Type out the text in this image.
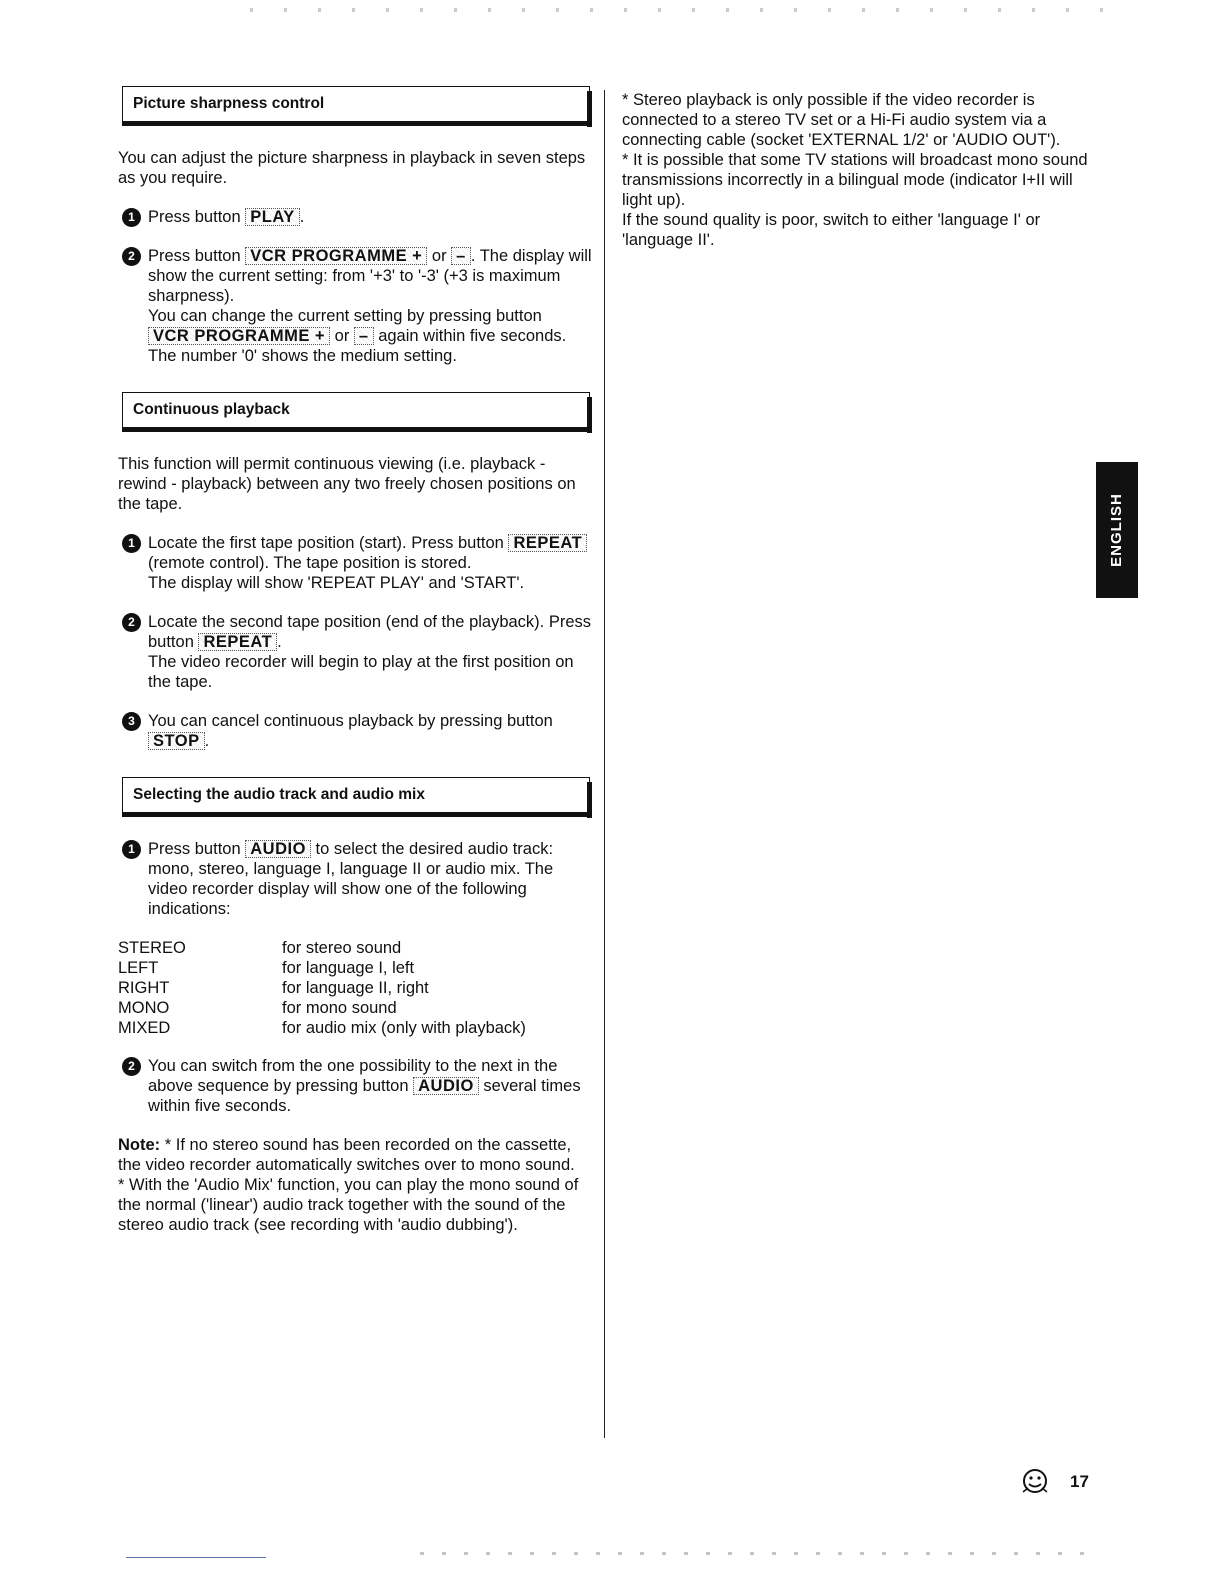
Picture sharpness control

You can adjust the picture sharpness in playback in seven steps as you require.

1 Press button PLAY .
2 Press button VCR PROGRAMME + or – . The display will show the current setting: from '+3' to '-3' (+3 is maximum sharpness).
You can change the current setting by pressing button VCR PROGRAMME + or – again within five seconds.
The number '0' shows the medium setting.
Continuous playback

This function will permit continuous viewing (i.e. playback - rewind - playback) between any two freely chosen positions on the tape.

1 Locate the first tape position (start). Press button REPEAT (remote control). The tape position is stored.
The display will show 'REPEAT PLAY' and 'START'.
2 Locate the second tape position (end of the playback). Press button REPEAT .
The video recorder will begin to play at the first position on the tape.
3 You can cancel continuous playback by pressing button STOP .
Selecting the audio track and audio mix
1 Press button AUDIO to select the desired audio track: mono, stereo, language I, language II or audio mix. The video recorder display will show one of the following indications:
STEREO	for stereo sound
LEFT	for language I, left
RIGHT	for language II, right
MONO	for mono sound
MIXED	for audio mix (only with playback)
2 You can switch from the one possibility to the next in the above sequence by pressing button AUDIO several times within five seconds.

Note: * If no stereo sound has been recorded on the cassette, the video recorder automatically switches over to mono sound.

* With the 'Audio Mix' function, you can play the mono sound of the normal ('linear') audio track together with the sound of the stereo audio track (see recording with 'audio dubbing').

* Stereo playback is only possible if the video recorder is connected to a stereo TV set or a Hi-Fi audio system via a connecting cable (socket 'EXTERNAL 1/2' or 'AUDIO OUT').

* It is possible that some TV stations will broadcast mono sound transmissions incorrectly in a bilingual mode (indicator I+II will light up).

If the sound quality is poor, switch to either 'language I' or 'language II'.

ENGLISH
17
